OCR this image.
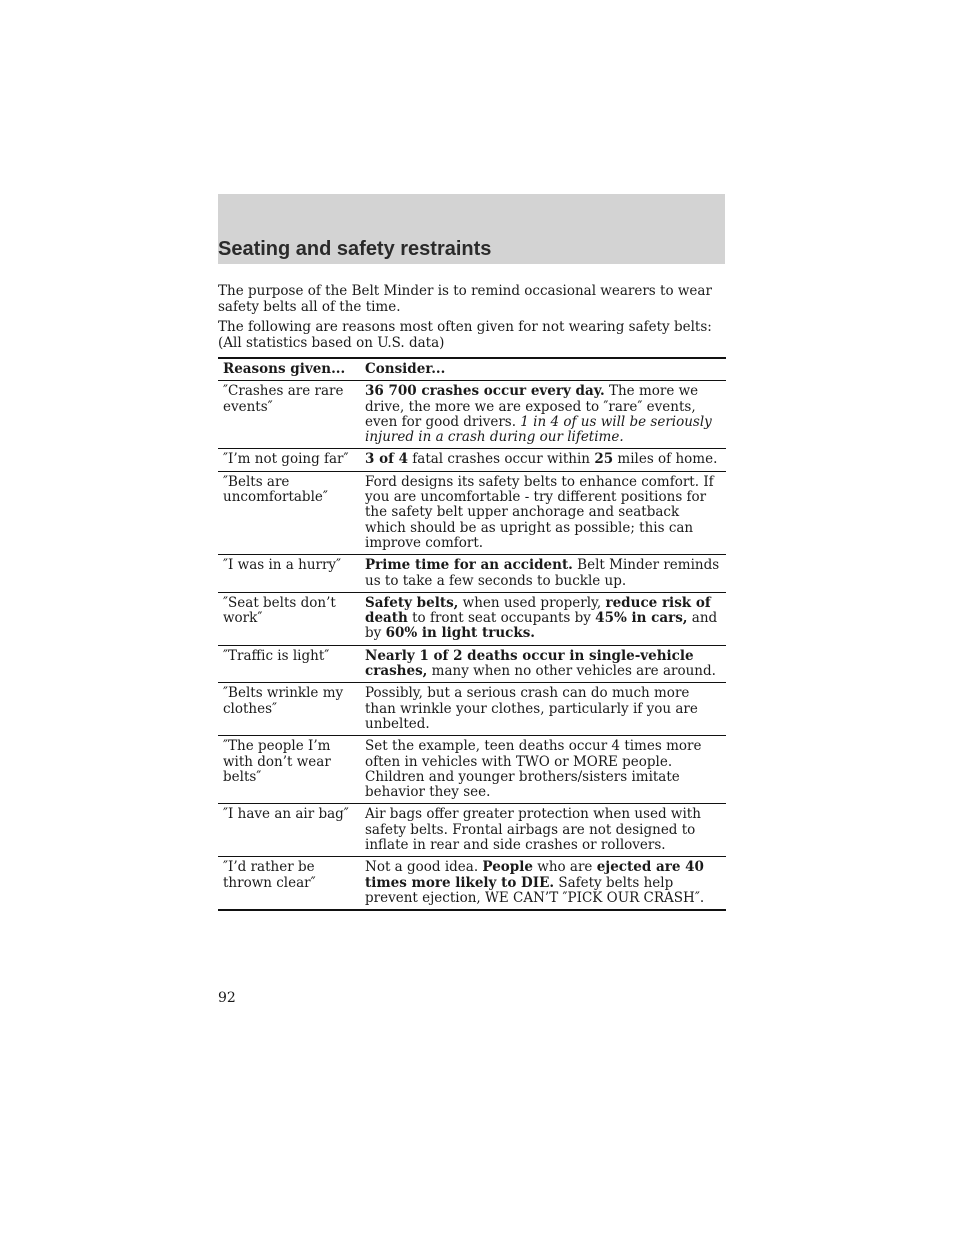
Seating and safety restraints
The purpose of the Belt Minder is to remind occasional wearers to wear safety belts all of the time.
The following are reasons most often given for not wearing safety belts:
(All statistics based on U.S. data)
Reasons given...	Consider...
″Crashes are rare events″	36 700 crashes occur every day. The more we drive, the more we are exposed to ″rare″ events, even for good drivers. 1 in 4 of us will be seriously injured in a crash during our lifetime.
″I’m not going far″	3 of 4 fatal crashes occur within 25 miles of home.
″Belts are uncomfortable″	Ford designs its safety belts to enhance comfort. If you are uncomfortable - try different positions for the safety belt upper anchorage and seatback which should be as upright as possible; this can improve comfort.
″I was in a hurry″	Prime time for an accident. Belt Minder reminds us to take a few seconds to buckle up.
″Seat belts don’t work″	Safety belts, when used properly, reduce risk of death to front seat occupants by 45% in cars, and by 60% in light trucks.
″Traffic is light″	Nearly 1 of 2 deaths occur in single-vehicle crashes, many when no other vehicles are around.
″Belts wrinkle my clothes″	Possibly, but a serious crash can do much more than wrinkle your clothes, particularly if you are unbelted.
″The people I’m with don’t wear belts″	Set the example, teen deaths occur 4 times more often in vehicles with TWO or MORE people. Children and younger brothers/sisters imitate behavior they see.
″I have an air bag″	Air bags offer greater protection when used with safety belts. Frontal airbags are not designed to inflate in rear and side crashes or rollovers.
″I’d rather be thrown clear″	Not a good idea. People who are ejected are 40 times more likely to DIE. Safety belts help prevent ejection, WE CAN’T ″PICK OUR CRASH″.
92
